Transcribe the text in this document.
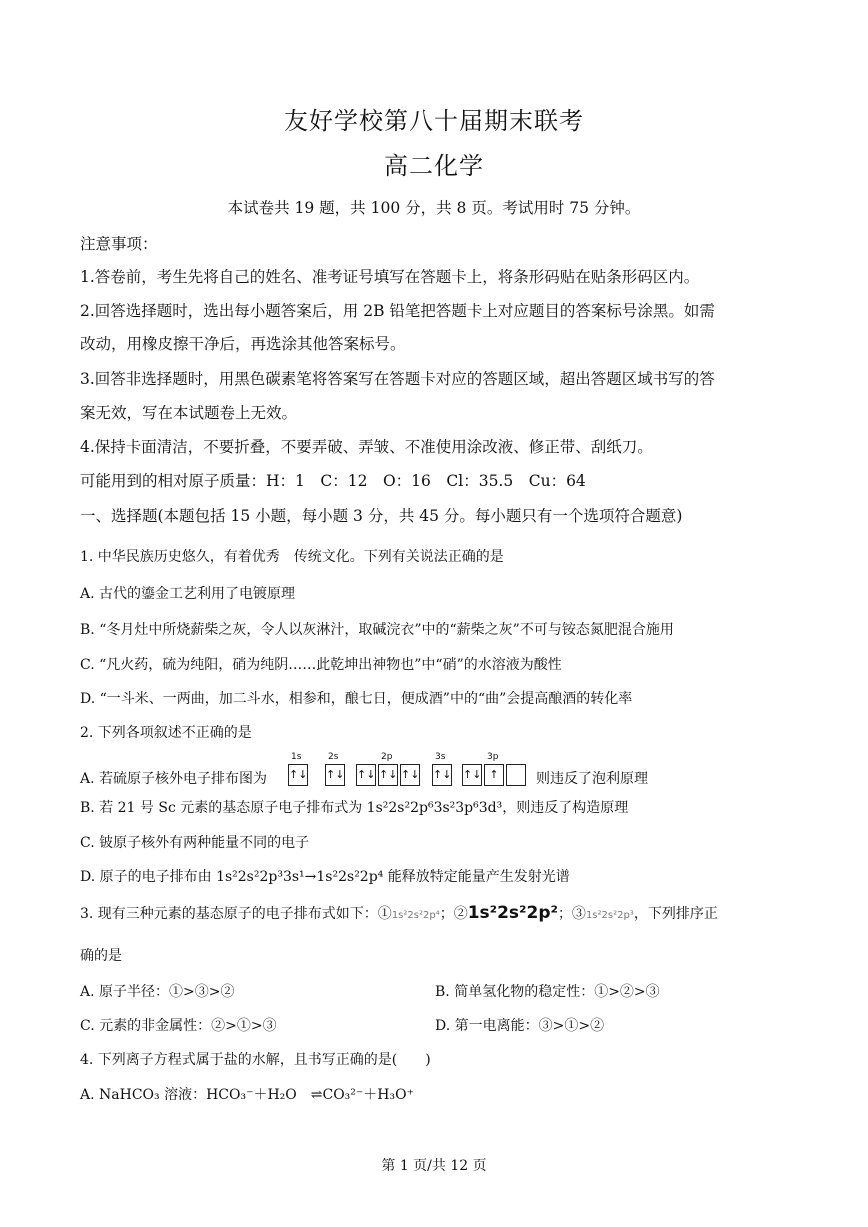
友好学校第八十届期末联考
高二化学
本试卷共 19 题，共 100 分，共 8 页。考试用时 75 分钟。
注意事项：
1.答卷前，考生先将自己的姓名、准考证号填写在答题卡上，将条形码贴在贴条形码区内。
2.回答选择题时，选出每小题答案后，用 2B 铅笔把答题卡上对应题目的答案标号涂黑。如需
改动，用橡皮擦干净后，再选涂其他答案标号。
3.回答非选择题时，用黑色碳素笔将答案写在答题卡对应的答题区域，超出答题区域书写的答
案无效，写在本试题卷上无效。
4.保持卡面清洁，不要折叠，不要弄破、弄皱、不准使用涂改液、修正带、刮纸刀。
可能用到的相对原子质量：H：1　C：12　O：16　Cl：35.5　Cu：64
一、选择题(本题包括 15 小题，每小题 3 分，共 45 分。每小题只有一个选项符合题意)
1. 中华民族历史悠久，有着优秀　传统文化。下列有关说法正确的是
A. 古代的鎏金工艺利用了电镀原理
B. “冬月灶中所烧薪柴之灰，令人以灰淋汁，取碱浣衣”中的“薪柴之灰”不可与铵态氮肥混合施用
C. “凡火药，硫为纯阳，硝为纯阴……此乾坤出神物也”中“硝”的水溶液为酸性
D. “一斗米、一两曲，加二斗水，相参和，酿七日，便成酒”中的“曲”会提高酿酒的转化率
2. 下列各项叙述不正确的是
A. 若硫原子核外电子排布图为
1s
↑↓
2s
↑↓
2p
↑↓ ↑↓ ↑↓
3s
↑↓
3p
↑↓ ↑	则违反了泡利原理
B. 若 21 号 Sc 元素的基态原子电子排布式为 1s²2s²2p⁶3s²3p⁶3d³，则违反了构造原理
C. 铍原子核外有两种能量不同的电子
D. 原子的电子排布由 1s²2s²2p³3s¹→1s²2s²2p⁴ 能释放特定能量产生发射光谱
3. 现有三种元素的基态原子的电子排布式如下：①1s²2s²2p⁴；②1s²2s²2p²；③1s²2s²2p³，下列排序正
确的是
A. 原子半径：①>③>②	B. 简单氢化物的稳定性：①>②>③
C. 元素的非金属性：②>①>③	D. 第一电离能：③>①>②
4. 下列离子方程式属于盐的水解，且书写正确的是(　　)
A. NaHCO₃ 溶液：HCO₃⁻＋H₂O　⇌CO₃²⁻＋H₃O⁺
第 1 页/共 12 页
